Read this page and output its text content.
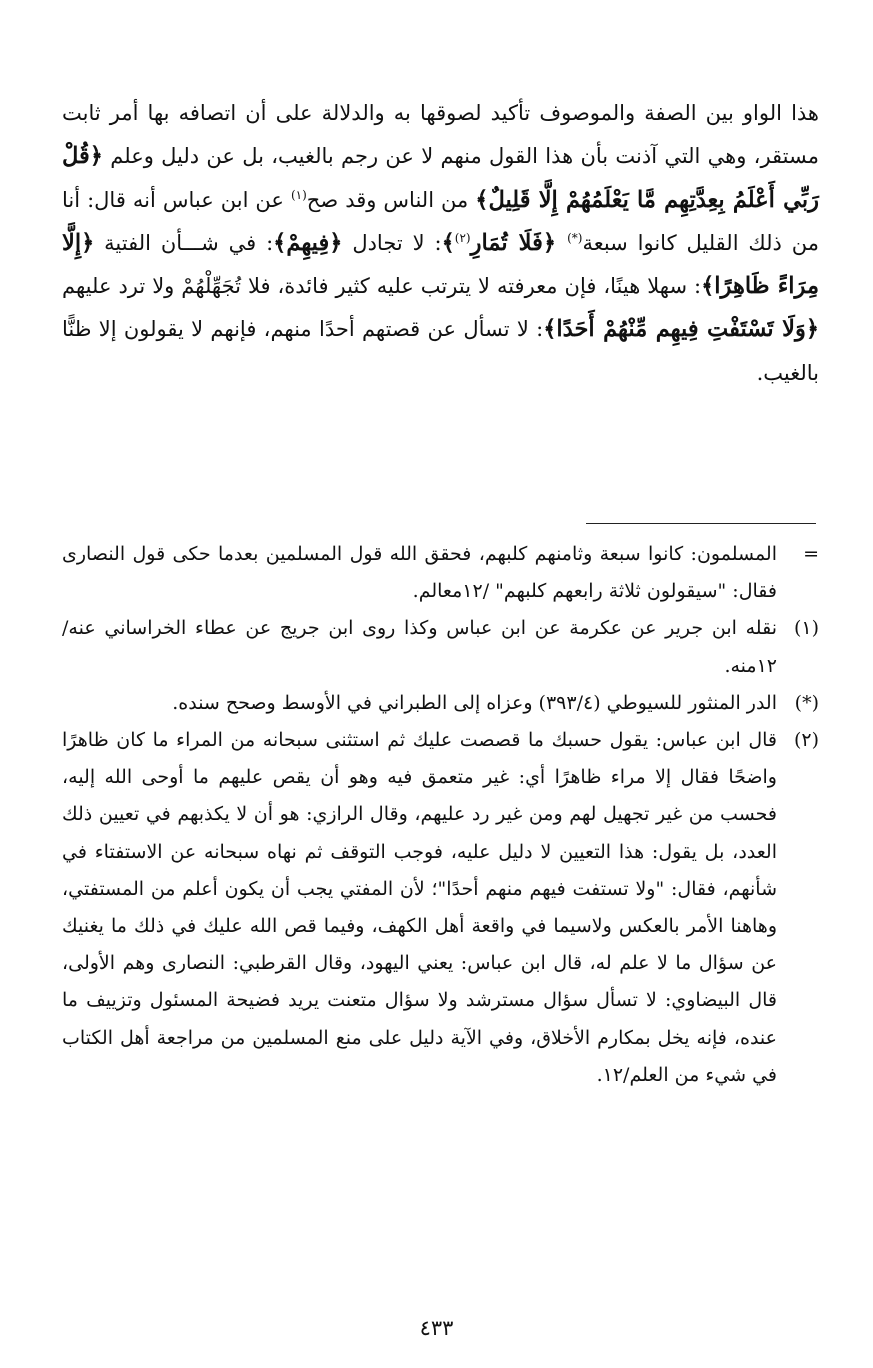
هذا الواو بين الصفة والموصوف تأكيد لصوقها به والدلالة على أن اتصافه بها أمر ثابت مستقر، وهي التي آذنت بأن هذا القول منهم لا عن رجم بالغيب، بل عن دليل وعلم ﴿قُلْ رَبِّي أَعْلَمُ بِعِدَّتِهِم مَّا يَعْلَمُهُمْ إِلَّا قَلِيلٌ﴾ من الناس وقد صح$^{(١)}$ عن ابن عباس أنه قال: أنا من ذلك القليل كانوا سبعة(*) ﴿فَلَا تُمَارِ$^{(٢)}$﴾: لا تجادل ﴿فِيهِمْ﴾: في شـــأن الفتية ﴿إِلَّا مِرَاءً ظَاهِرًا﴾: سهلا هينًا، فإن معرفته لا يترتب عليه كثير فائدة، فلا تُجَهِّلْهُمْ ولا ترد عليهم ﴿وَلَا تَسْتَفْتِ فِيهِم مِّنْهُمْ أَحَدًا﴾: لا تسأل عن قصتهم أحدًا منهم، فإنهم لا يقولون إلا ظنًّا بالغيب.

=
المسلمون: كانوا سبعة وثامنهم كلبهم، فحقق الله قول المسلمين بعدما حكى قول النصارى فقال: "سيقولون ثلاثة رابعهم كلبهم" /١٢معالم.
(١)
نقله ابن جرير عن عكرمة عن ابن عباس وكذا روى ابن جريج عن عطاء الخراساني عنه/١٢منه.
(*)
الدر المنثور للسيوطي (٣٩٣/٤) وعزاه إلى الطبراني في الأوسط وصحح سنده.
(٢)
قال ابن عباس: يقول حسبك ما قصصت عليك ثم استثنى سبحانه من المراء ما كان ظاهرًا واضحًا فقال إلا مراء ظاهرًا أي: غير متعمق فيه وهو أن يقص عليهم ما أوحى الله إليه، فحسب من غير تجهيل لهم ومن غير رد عليهم، وقال الرازي: هو أن لا يكذبهم في تعيين ذلك العدد، بل يقول: هذا التعيين لا دليل عليه، فوجب التوقف ثم نهاه سبحانه عن الاستفتاء في شأنهم، فقال: "ولا تستفت فيهم منهم أحدًا"؛ لأن المفتي يجب أن يكون أعلم من المستفتي، وهاهنا الأمر بالعكس ولاسيما في واقعة أهل الكهف، وفيما قص الله عليك في ذلك ما يغنيك عن سؤال ما لا علم له، قال ابن عباس: يعني اليهود، وقال القرطبي: النصارى وهم الأولى، قال البيضاوي: لا تسأل سؤال مسترشد ولا سؤال متعنت يريد فضيحة المسئول وتزييف ما عنده، فإنه يخل بمكارم الأخلاق، وفي الآية دليل على منع المسلمين من مراجعة أهل الكتاب في شيء من العلم/١٢.
٤٣٣
